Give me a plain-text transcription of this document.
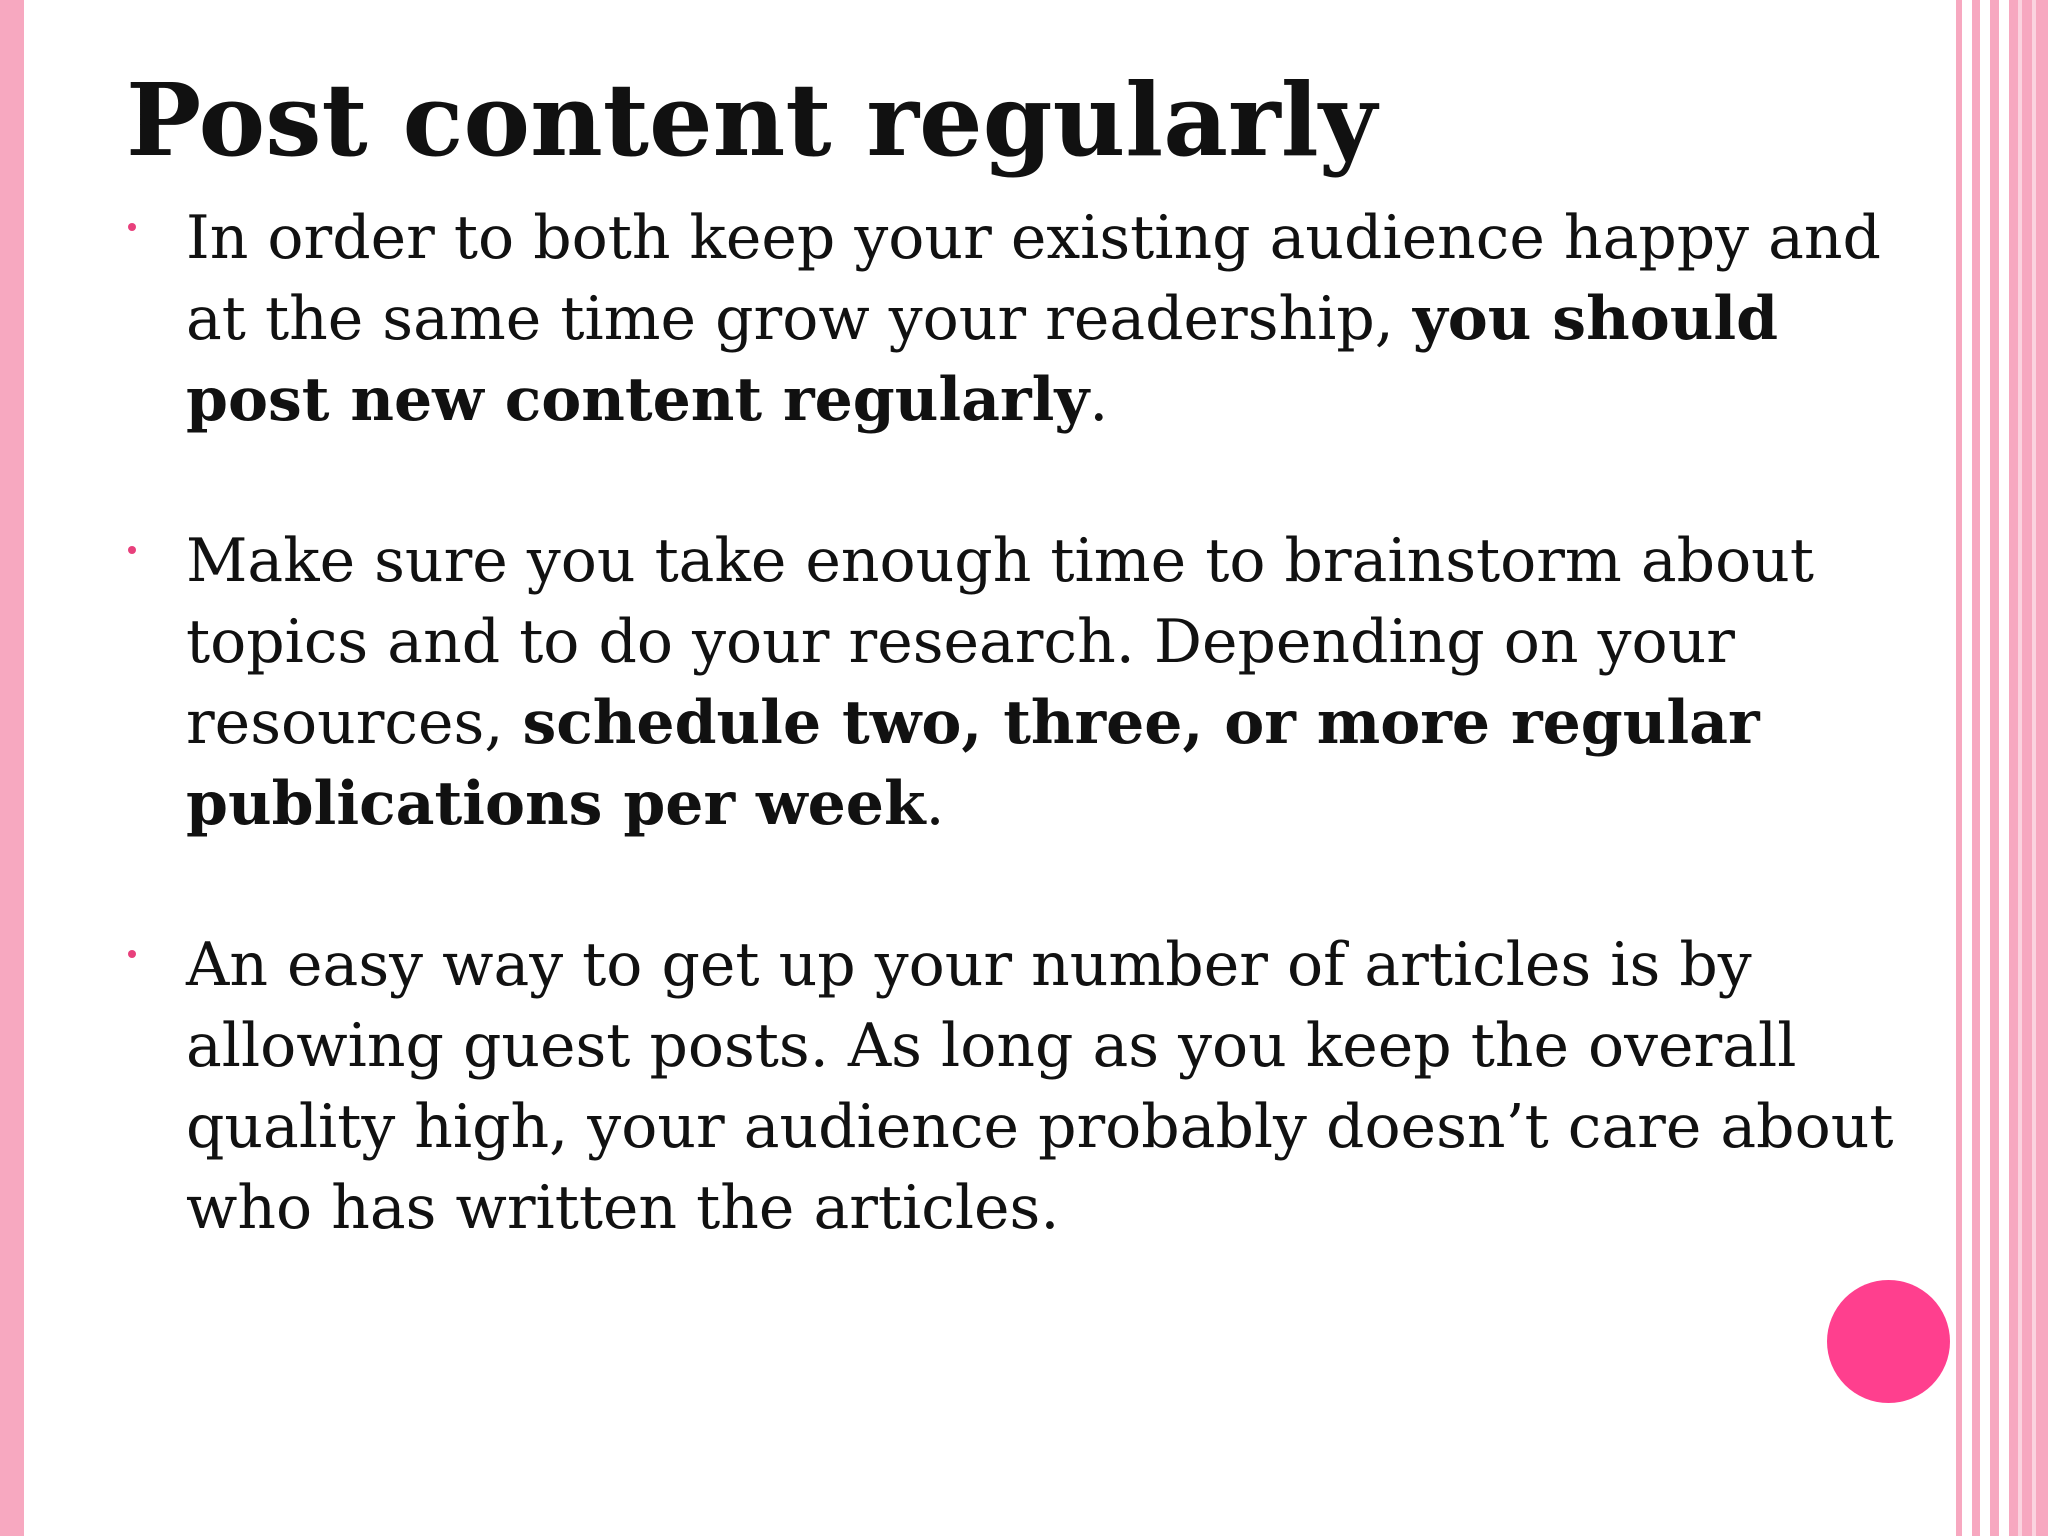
Post content regularly
In order to both keep your existing audience happy and at the same time grow your readership, you should post new content regularly.
Make sure you take enough time to brainstorm about topics and to do your research. Depending on your resources, schedule two, three, or more regular publications per week.
An easy way to get up your number of articles is by allowing guest posts. As long as you keep the overall quality high, your audience probably doesn’t care about who has written the articles.
